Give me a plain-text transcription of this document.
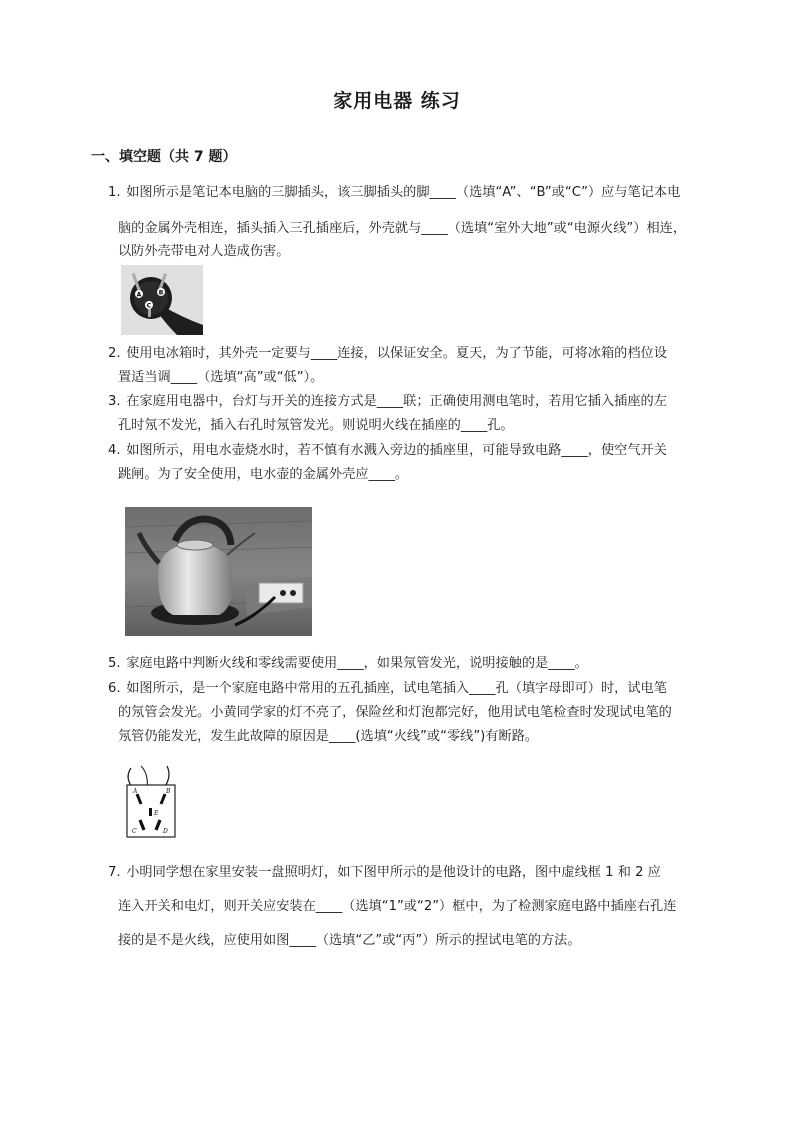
家用电器 练习
一、填空题（共 7 题）
1. 如图所示是笔记本电脑的三脚插头，该三脚插头的脚____（选填“A”、“B”或“C”）应与笔记本电
脑的金属外壳相连，插头插入三孔插座后，外壳就与____（选填“室外大地”或“电源火线”）相连，
以防外壳带电对人造成伤害。
A	B
C
2. 使用电冰箱时，其外壳一定要与____连接，以保证安全。夏天，为了节能，可将冰箱的档位设
置适当调____（选填“高”或“低”）。
3. 在家庭用电器中，台灯与开关的连接方式是____联；正确使用测电笔时，若用它插入插座的左
孔时氖不发光，插入右孔时氖管发光。则说明火线在插座的____孔。
4. 如图所示，用电水壶烧水时，若不慎有水溅入旁边的插座里，可能导致电路____，使空气开关
跳闸。为了安全使用，电水壶的金属外壳应____。
5. 家庭电路中判断火线和零线需要使用____，如果氖管发光，说明接触的是____。
6. 如图所示，是一个家庭电路中常用的五孔插座，试电笔插入____孔（填字母即可）时，试电笔
的氖管会发光。小黄同学家的灯不亮了，保险丝和灯泡都完好，他用试电笔检查时发现试电笔的
氖管仍能发光，发生此故障的原因是____(选填“火线”或“零线”)有断路。
A	B
E
C	D
7. 小明同学想在家里安装一盘照明灯，如下图甲所示的是他设计的电路，图中虚线框 1 和 2 应
连入开关和电灯，则开关应安装在____（选填“1”或“2”）框中，为了检测家庭电路中插座右孔连
接的是不是火线，应使用如图____（选填“乙”或“丙”）所示的捏试电笔的方法。
